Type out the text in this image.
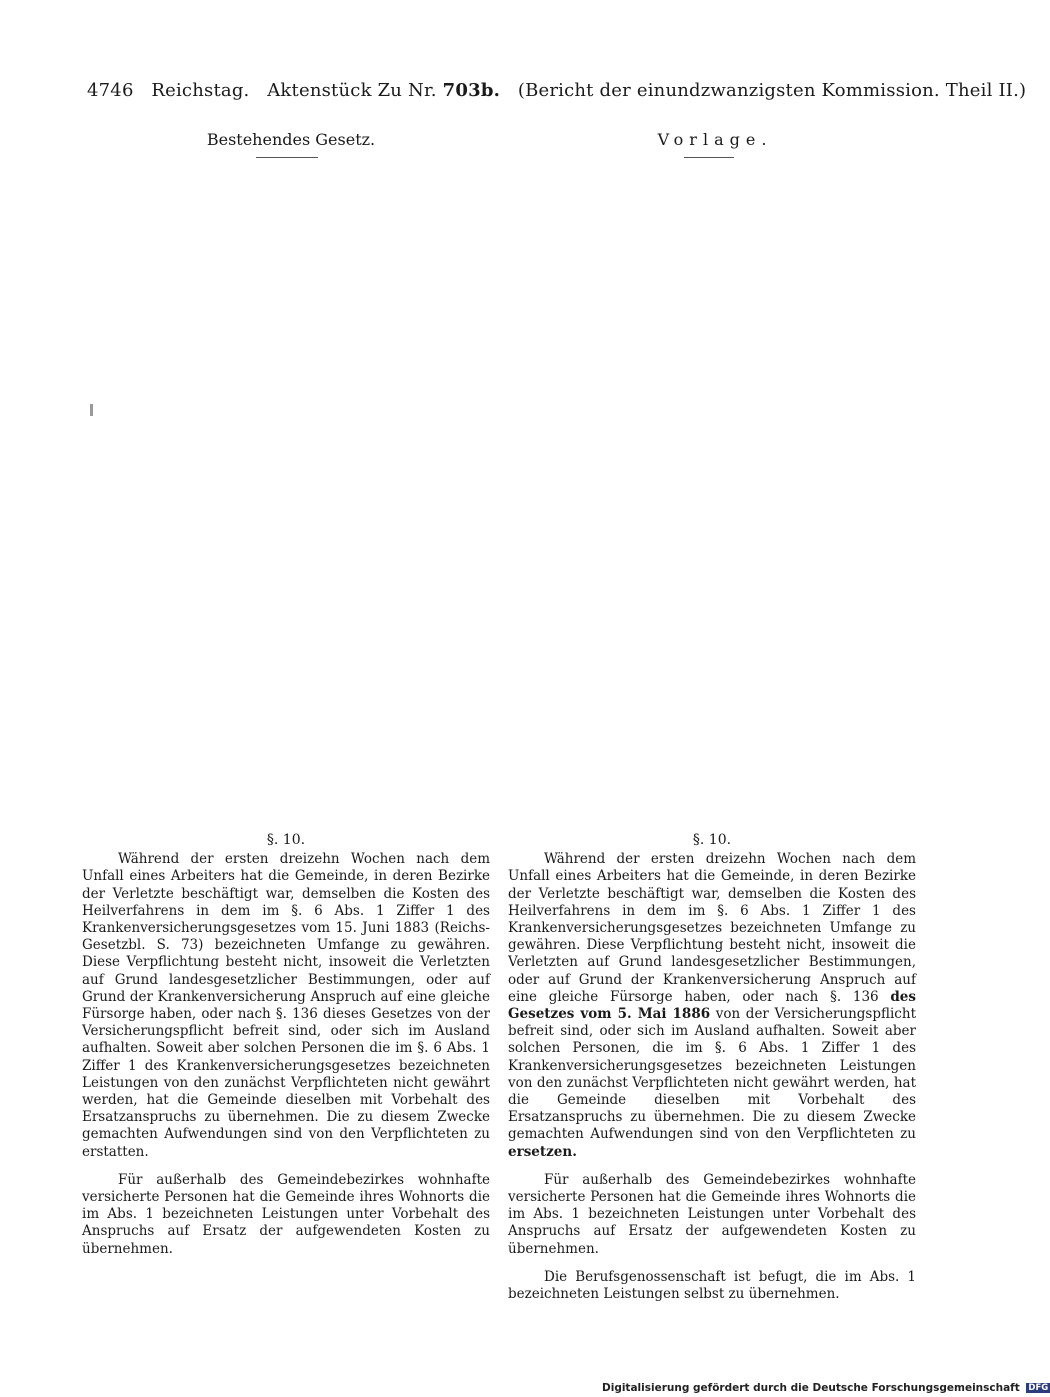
4746 Reichstag. Aktenstück Zu Nr. 703b. (Bericht der einundzwanzigsten Kommission. Theil II.)
Bestehendes Gesetz.	Vorlage.
§. 10.

Während der ersten dreizehn Wochen nach dem Unfall eines Arbeiters hat die Gemeinde, in deren Bezirke der Verletzte beschäftigt war, demselben die Kosten des Heilverfahrens in dem im §. 6 Abs. 1 Ziffer 1 des Krankenversicherungsgesetzes vom 15. Juni 1883 (Reichs-Gesetzbl. S. 73) bezeichneten Umfange zu gewähren. Diese Verpflichtung besteht nicht, insoweit die Verletzten auf Grund landesgesetzlicher Bestimmungen, oder auf Grund der Krankenversicherung Anspruch auf eine gleiche Fürsorge haben, oder nach §. 136 dieses Gesetzes von der Versicherungspflicht befreit sind, oder sich im Ausland aufhalten. Soweit aber solchen Personen die im §. 6 Abs. 1 Ziffer 1 des Krankenversicherungsgesetzes bezeichneten Leistungen von den zunächst Verpflichteten nicht gewährt werden, hat die Gemeinde dieselben mit Vorbehalt des Ersatzanspruchs zu übernehmen. Die zu diesem Zwecke gemachten Aufwendungen sind von den Verpflichteten zu erstatten.

Für außerhalb des Gemeindebezirkes wohnhafte versicherte Personen hat die Gemeinde ihres Wohnorts die im Abs. 1 bezeichneten Leistungen unter Vorbehalt des Anspruchs auf Ersatz der aufgewendeten Kosten zu übernehmen.

§. 10.

Während der ersten dreizehn Wochen nach dem Unfall eines Arbeiters hat die Gemeinde, in deren Bezirke der Verletzte beschäftigt war, demselben die Kosten des Heilverfahrens in dem im §. 6 Abs. 1 Ziffer 1 des Krankenversicherungsgesetzes bezeichneten Umfange zu gewähren. Diese Verpflichtung besteht nicht, insoweit die Verletzten auf Grund landesgesetzlicher Bestimmungen, oder auf Grund der Krankenversicherung Anspruch auf eine gleiche Fürsorge haben, oder nach §. 136 des Gesetzes vom 5. Mai 1886 von der Versicherungspflicht befreit sind, oder sich im Ausland aufhalten. Soweit aber solchen Personen, die im §. 6 Abs. 1 Ziffer 1 des Krankenversicherungsgesetzes bezeichneten Leistungen von den zunächst Verpflichteten nicht gewährt werden, hat die Gemeinde dieselben mit Vorbehalt des Ersatzanspruchs zu übernehmen. Die zu diesem Zwecke gemachten Aufwendungen sind von den Verpflichteten zu ersetzen.

Für außerhalb des Gemeindebezirkes wohnhafte versicherte Personen hat die Gemeinde ihres Wohnorts die im Abs. 1 bezeichneten Leistungen unter Vorbehalt des Anspruchs auf Ersatz der aufgewendeten Kosten zu übernehmen.

Die Berufsgenossenschaft ist befugt, die im Abs. 1 bezeichneten Leistungen selbst zu übernehmen.

Digitalisierung gefördert durch die Deutsche Forschungsgemeinschaft DFG
